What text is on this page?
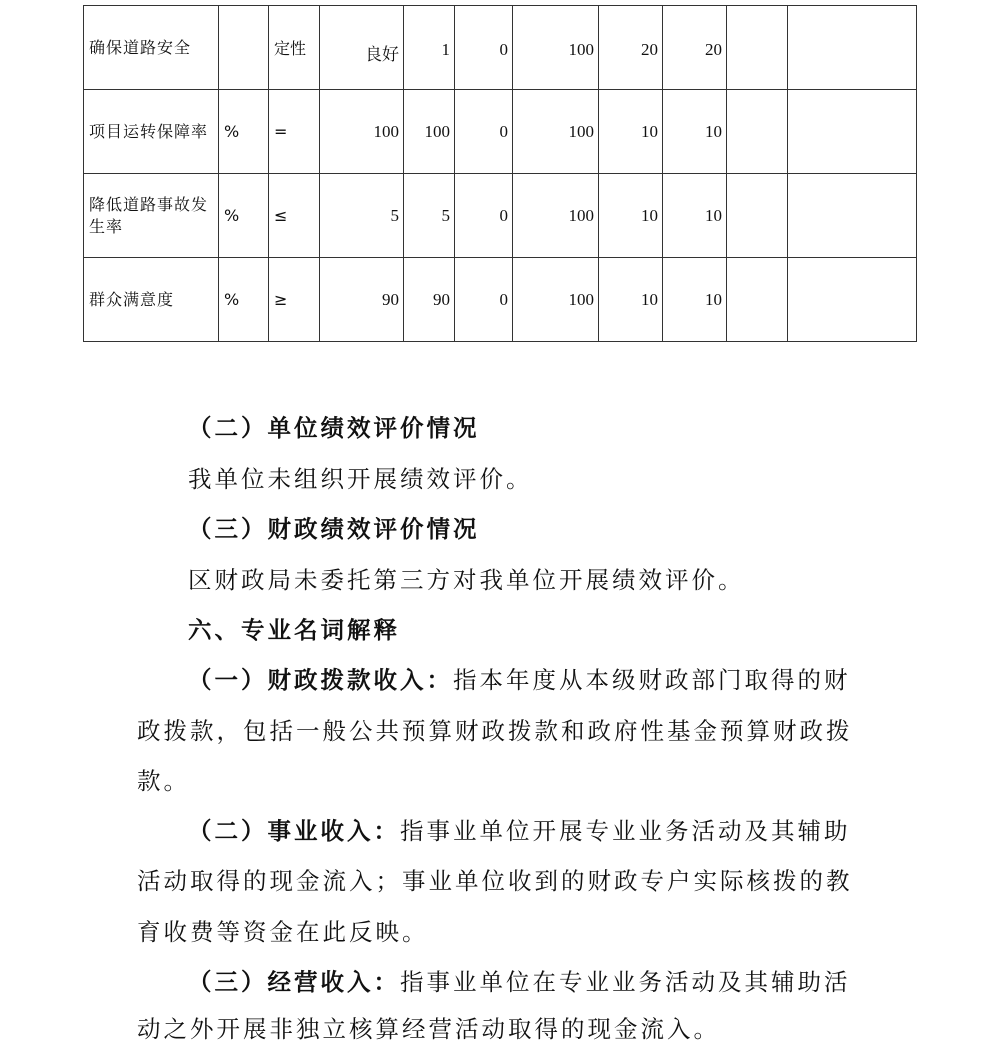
确保道路安全		定性	良好	1	0	100	20	20		
项目运转保障率	%	=	100	100	0	100	10	10		
降低道路事故发生率	%	≤	5	5	0	100	10	10		
群众满意度	%	≥	90	90	0	100	10	10		

（二）单位绩效评价情况

我单位未组织开展绩效评价。

（三）财政绩效评价情况

区财政局未委托第三方对我单位开展绩效评价。

六、专业名词解释

（一）财政拨款收入：指本年度从本级财政部门取得的财

政拨款，包括一般公共预算财政拨款和政府性基金预算财政拨

款。

（二）事业收入：指事业单位开展专业业务活动及其辅助

活动取得的现金流入；事业单位收到的财政专户实际核拨的教

育收费等资金在此反映。

（三）经营收入：指事业单位在专业业务活动及其辅助活

动之外开展非独立核算经营活动取得的现金流入。
